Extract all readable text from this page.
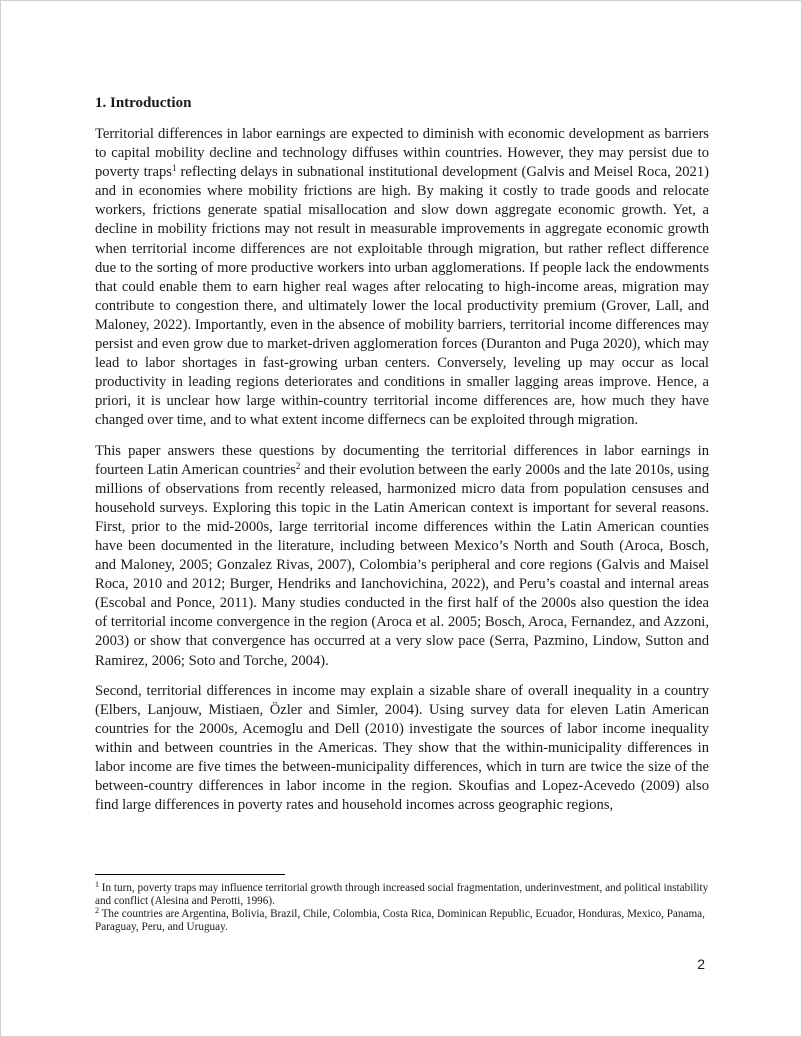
1. Introduction

Territorial differences in labor earnings are expected to diminish with economic development as barriers to capital mobility decline and technology diffuses within countries. However, they may persist due to poverty traps$^1$ reflecting delays in subnational institutional development (Galvis and Meisel Roca, 2021) and in economies where mobility frictions are high. By making it costly to trade goods and relocate workers, frictions generate spatial misallocation and slow down aggregate economic growth. Yet, a decline in mobility frictions may not result in measurable improvements in aggregate economic growth when territorial income differences are not exploitable through migration, but rather reflect difference due to the sorting of more productive workers into urban agglomerations. If people lack the endowments that could enable them to earn higher real wages after relocating to high-income areas, migration may contribute to congestion there, and ultimately lower the local productivity premium (Grover, Lall, and Maloney, 2022). Importantly, even in the absence of mobility barriers, territorial income differences may persist and even grow due to market-driven agglomeration forces (Duranton and Puga 2020), which may lead to labor shortages in fast-growing urban centers. Conversely, leveling up may occur as local productivity in leading regions deteriorates and conditions in smaller lagging areas improve. Hence, a priori, it is unclear how large within-country territorial income differences are, how much they have changed over time, and to what extent income differnecs can be exploited through migration.

This paper answers these questions by documenting the territorial differences in labor earnings in fourteen Latin American countries$^2$ and their evolution between the early 2000s and the late 2010s, using millions of observations from recently released, harmonized micro data from population censuses and household surveys. Exploring this topic in the Latin American context is important for several reasons. First, prior to the mid-2000s, large territorial income differences within the Latin American counties have been documented in the literature, including between Mexico’s North and South (Aroca, Bosch, and Maloney, 2005; Gonzalez Rivas, 2007), Colombia’s peripheral and core regions (Galvis and Maisel Roca, 2010 and 2012; Burger, Hendriks and Ianchovichina, 2022), and Peru’s coastal and internal areas (Escobal and Ponce, 2011). Many studies conducted in the first half of the 2000s also question the idea of territorial income convergence in the region (Aroca et al. 2005; Bosch, Aroca, Fernandez, and Azzoni, 2003) or show that convergence has occurred at a very slow pace (Serra, Pazmino, Lindow, Sutton and Ramirez, 2006; Soto and Torche, 2004).

Second, territorial differences in income may explain a sizable share of overall inequality in a country (Elbers, Lanjouw, Mistiaen, Özler and Simler, 2004). Using survey data for eleven Latin American countries for the 2000s, Acemoglu and Dell (2010) investigate the sources of labor income inequality within and between countries in the Americas. They show that the within-municipality differences in labor income are five times the between-municipality differences, which in turn are twice the size of the between-country differences in labor income in the region. Skoufias and Lopez-Acevedo (2009) also find large differences in poverty rates and household incomes across geographic regions,

$^1$ In turn, poverty traps may influence territorial growth through increased social fragmentation, underinvestment, and political instability and conflict (Alesina and Perotti, 1996).

$^2$ The countries are Argentina, Bolivia, Brazil, Chile, Colombia, Costa Rica, Dominican Republic, Ecuador, Honduras, Mexico, Panama, Paraguay, Peru, and Uruguay.

2
